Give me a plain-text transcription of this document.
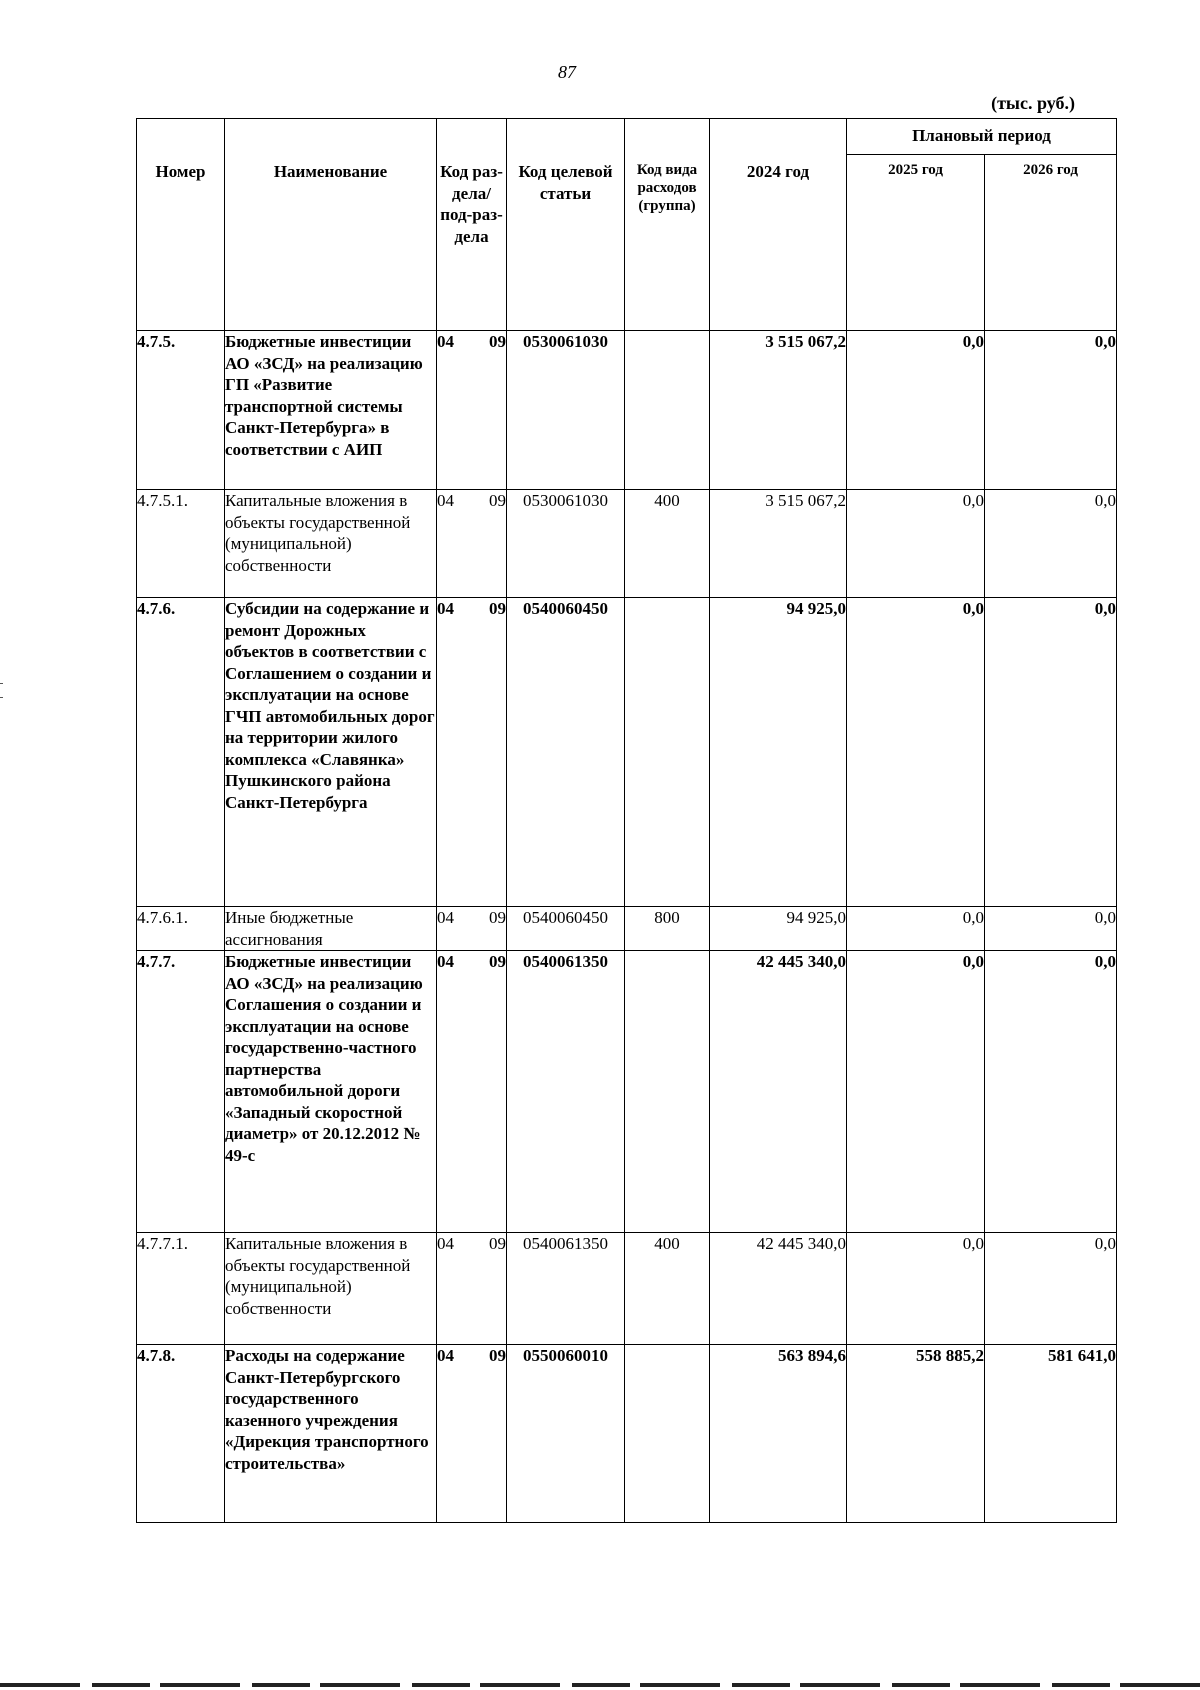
87
(тыс. руб.)
Номер	Наименование	Код раз-дела/ под-раз-дела	Код целевой статьи	Код вида расходов (группа)	2024 год	Плановый период	

						2025 год	2026 год

4.7.5.	Бюджетные инвестиции АО «ЗСД» на реализацию ГП «Развитие транспортной системы Санкт-Петербурга» в соответствии с АИП	04 09	0530061030		3 515 067,2	0,0	0,0
4.7.5.1.	Капитальные вложения в объекты государственной (муниципальной) собственности	04 09	0530061030	400	3 515 067,2	0,0	0,0
4.7.6.	Субсидии на содержание и ремонт Дорожных объектов в соответствии с Соглашением о создании и эксплуатации на основе ГЧП автомобильных дорог на территории жилого комплекса «Славянка» Пушкинского района Санкт-Петербурга	04 09	0540060450		94 925,0	0,0	0,0
4.7.6.1.	Иные бюджетные ассигнования	04 09	0540060450	800	94 925,0	0,0	0,0
4.7.7.	Бюджетные инвестиции АО «ЗСД» на реализацию Соглашения о создании и эксплуатации на основе государственно-частного партнерства автомобильной дороги «Западный скоростной диаметр» от 20.12.2012 № 49-с	04 09	0540061350		42 445 340,0	0,0	0,0
4.7.7.1.	Капитальные вложения в объекты государственной (муниципальной) собственности	04 09	0540061350	400	42 445 340,0	0,0	0,0
4.7.8.	Расходы на содержание Санкт-Петербургского государственного казенного учреждения «Дирекция транспортного строительства»	04 09	0550060010		563 894,6	558 885,2	581 641,0
